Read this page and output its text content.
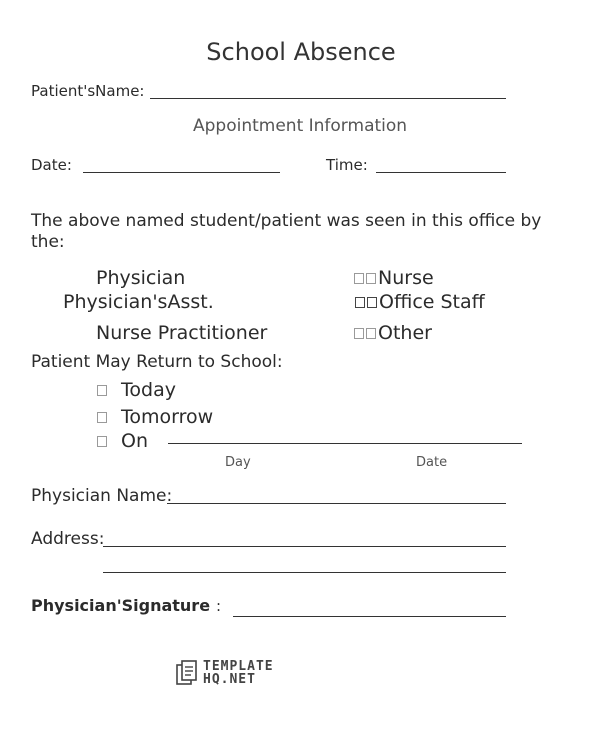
School Absence
Patient'sName:
Appointment Information
Date:	Time:
The above named student/patient was seen in this office by
the:
Physician
Physician'sAsst.
Nurse Practitioner
Nurse
Office Staff
Other
Patient May Return to School:
Today
Tomorrow
On
Day	Date
Physician Name:
Address:
Physician'Signature :
TEMPLATE
HQ.NET
